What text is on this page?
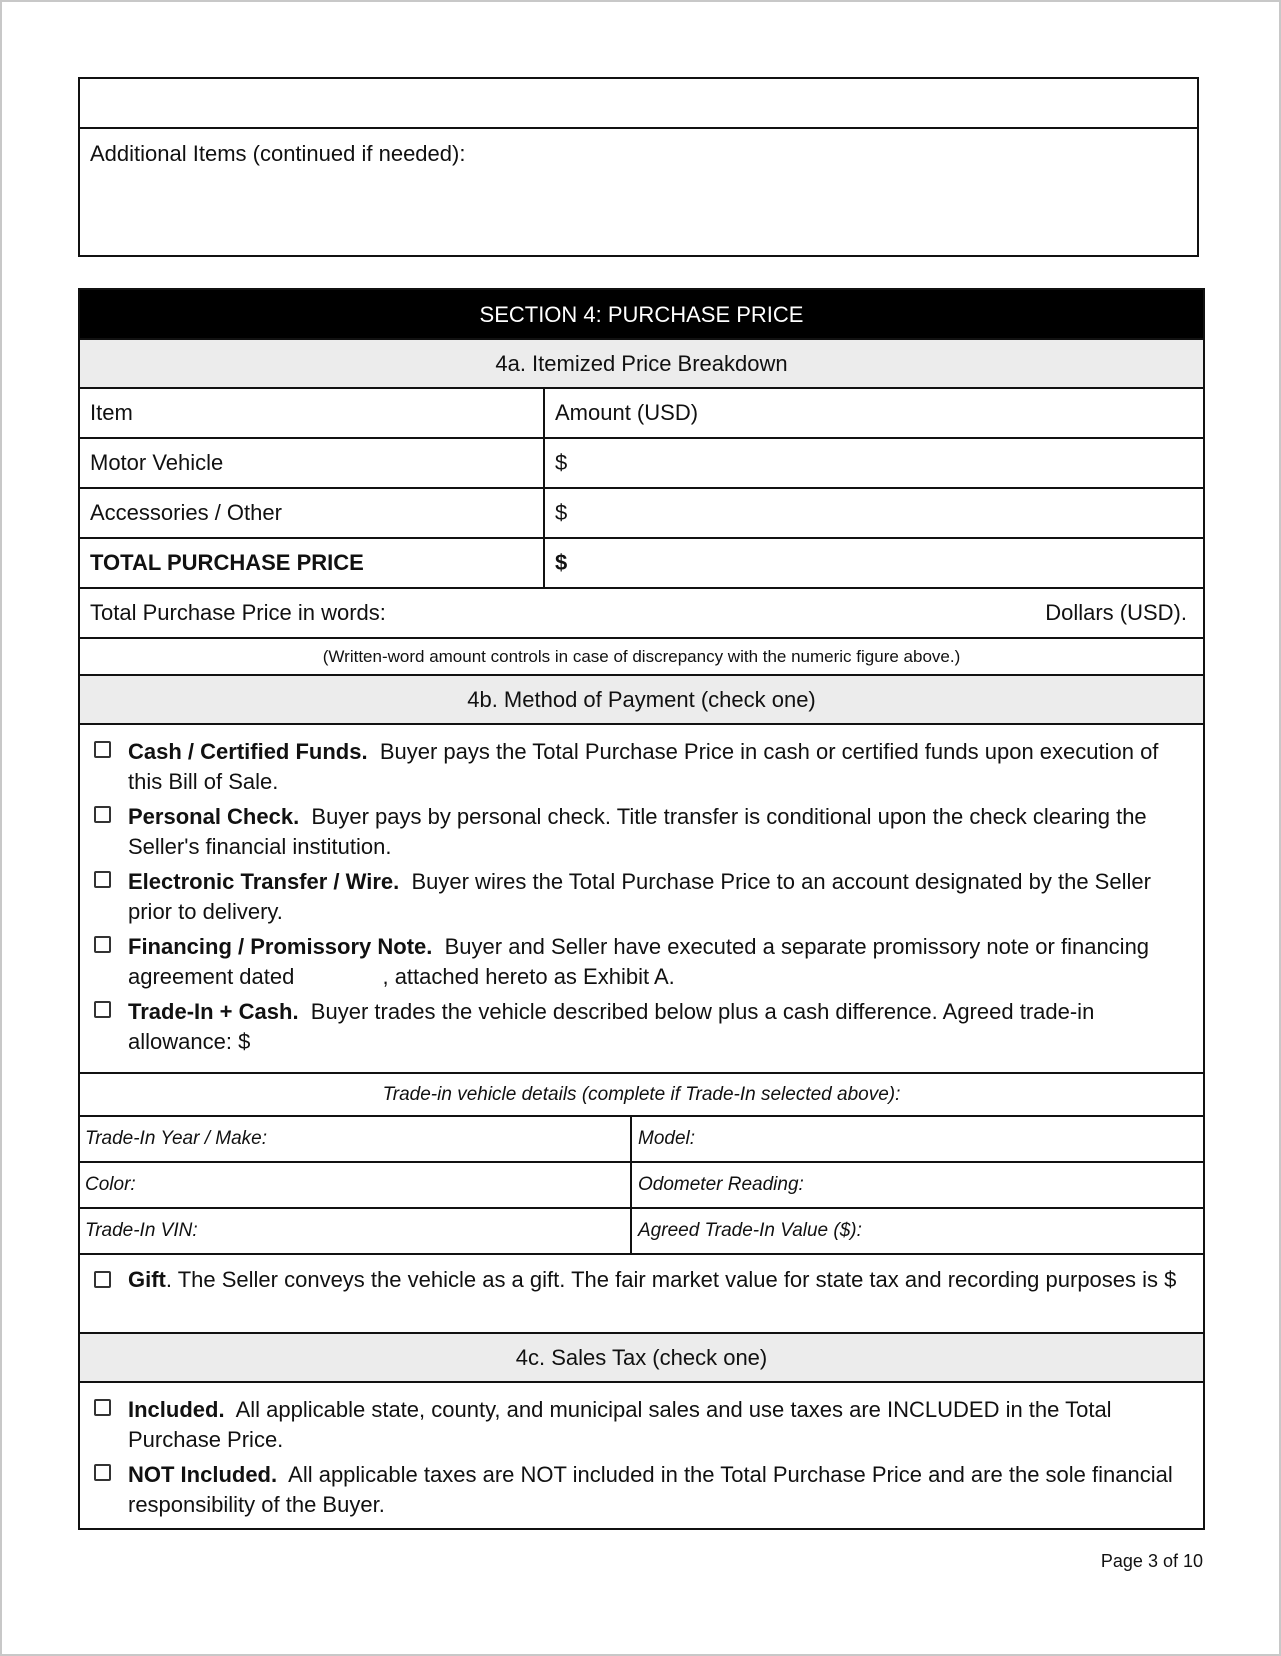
Additional Items (continued if needed):
SECTION 4: PURCHASE PRICE
4a. Itemized Price Breakdown
Item	Amount (USD)
Motor Vehicle	$
Accessories / Other	$
TOTAL PURCHASE PRICE	$
Total Purchase Price in words:	Dollars (USD).
(Written-word amount controls in case of discrepancy with the numeric figure above.)
4b. Method of Payment (check one)
Cash / Certified Funds. Buyer pays the Total Purchase Price in cash or certified funds upon execution of this Bill of Sale.
Personal Check. Buyer pays by personal check. Title transfer is conditional upon the check clearing the Seller's financial institution.
Electronic Transfer / Wire. Buyer wires the Total Purchase Price to an account designated by the Seller prior to delivery.
Financing / Promissory Note. Buyer and Seller have executed a separate promissory note or financing agreement dated	, attached hereto as Exhibit A.
Trade-In + Cash. Buyer trades the vehicle described below plus a cash difference. Agreed trade-in allowance: $
Trade-in vehicle details (complete if Trade-In selected above):
Trade-In Year / Make:	Model:
Color:	Odometer Reading:
Trade-In VIN:	Agreed Trade-In Value ($):
Gift. The Seller conveys the vehicle as a gift. The fair market value for state tax and recording purposes is $
4c. Sales Tax (check one)
Included. All applicable state, county, and municipal sales and use taxes are INCLUDED in the Total Purchase Price.
NOT Included. All applicable taxes are NOT included in the Total Purchase Price and are the sole financial responsibility of the Buyer.
Page 3 of 10
